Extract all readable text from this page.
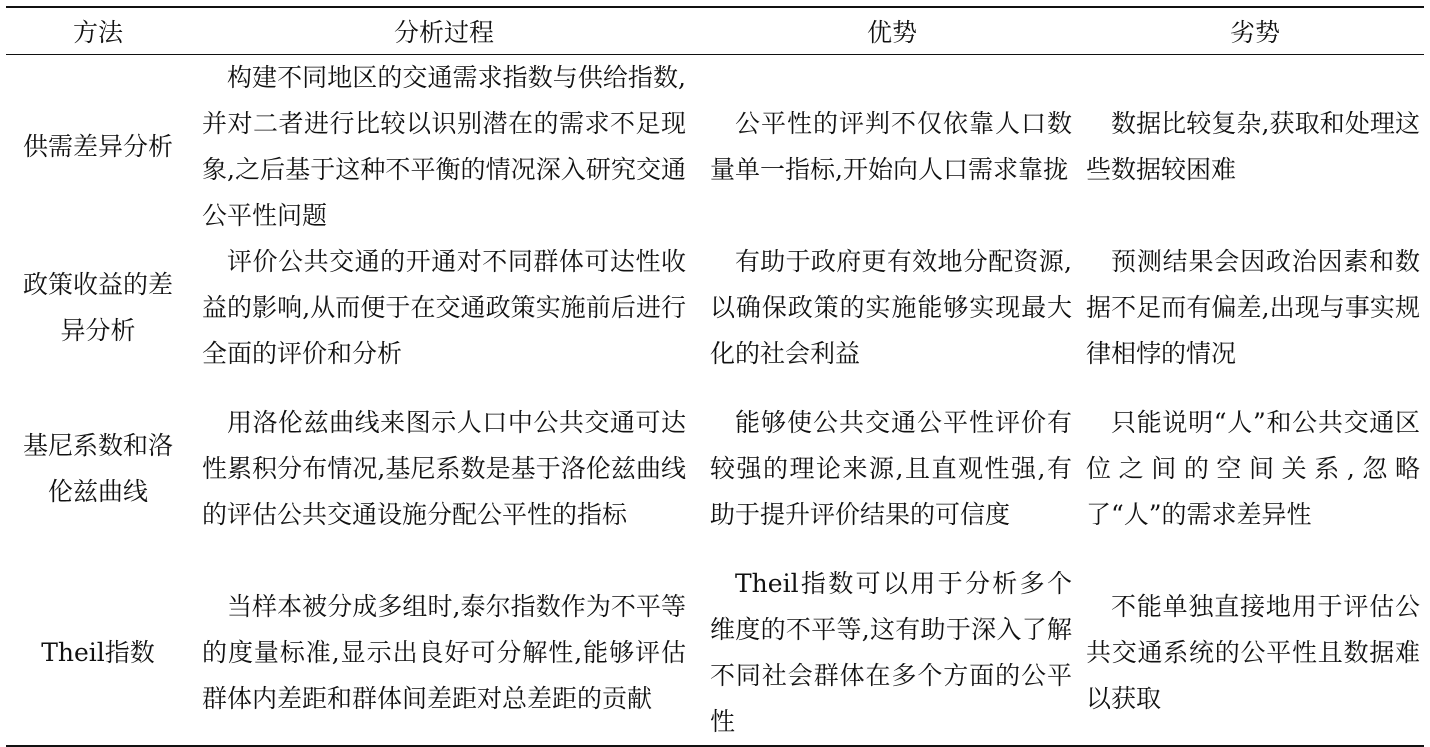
方法	分析过程	优势	劣势
供需差异分析	构建不同地区的交通需求指数与供给指数,并对二者进行比较以识别潜在的需求不足现象,之后基于这种不平衡的情况深入研究交通公平性问题	公平性的评判不仅依靠人口数量单一指标,开始向人口需求靠拢	数据比较复杂,获取和处理这些数据较困难
政策收益的差异分析	评价公共交通的开通对不同群体可达性收益的影响,从而便于在交通政策实施前后进行全面的评价和分析	有助于政府更有效地分配资源,以确保政策的实施能够实现最大化的社会利益	预测结果会因政治因素和数据不足而有偏差,出现与事实规律相悖的情况
基尼系数和洛伦兹曲线	用洛伦兹曲线来图示人口中公共交通可达性累积分布情况,基尼系数是基于洛伦兹曲线的评估公共交通设施分配公平性的指标	能够使公共交通公平性评价有较强的理论来源,且直观性强,有助于提升评价结果的可信度	只能说明“人”和公共交通区位之间的空间关系,忽略了“人”的需求差异性
Theil指数	当样本被分成多组时,泰尔指数作为不平等的度量标准,显示出良好可分解性,能够评估群体内差距和群体间差距对总差距的贡献	Theil指数可以用于分析多个维度的不平等,这有助于深入了解不同社会群体在多个方面的公平性	不能单独直接地用于评估公共交通系统的公平性且数据难以获取
